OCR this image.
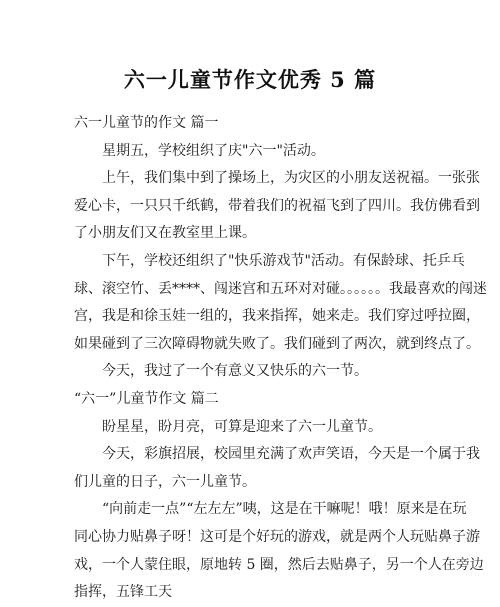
六一儿童节作文优秀 5 篇
六一儿童节的作文 篇一
星期五，学校组织了庆"六一"活动。
上午，我们集中到了操场上，为灾区的小朋友送祝福。一张张
爱心卡，一只只千纸鹤，带着我们的祝福飞到了四川。我仿佛看到
了小朋友们又在教室里上课。
下午，学校还组织了"快乐游戏节"活动。有保龄球、托乒乓
球、滚空竹、丢****、闯迷宫和五环对对碰。。。。。。我最喜欢的闯迷
宫，我是和徐玉娃一组的，我来指挥，她来走。我们穿过呼拉圈，
如果碰到了三次障碍物就失败了。我们碰到了两次，就到终点了。
今天，我过了一个有意义又快乐的六一节。
“六一”儿童节作文 篇二
盼星星，盼月亮，可算是迎来了六一儿童节。
今天，彩旗招展，校园里充满了欢声笑语，今天是一个属于我
们儿童的日子，六一儿童节。
“向前走一点”“左左左”咦，这是在干嘛呢！哦！原来是在玩
同心协力贴鼻子呀！这可是个好玩的游戏，就是两个人玩贴鼻子游
戏，一个人蒙住眼，原地转 5 圈，然后去贴鼻子，另一个人在旁边
指挥，五锋工天
